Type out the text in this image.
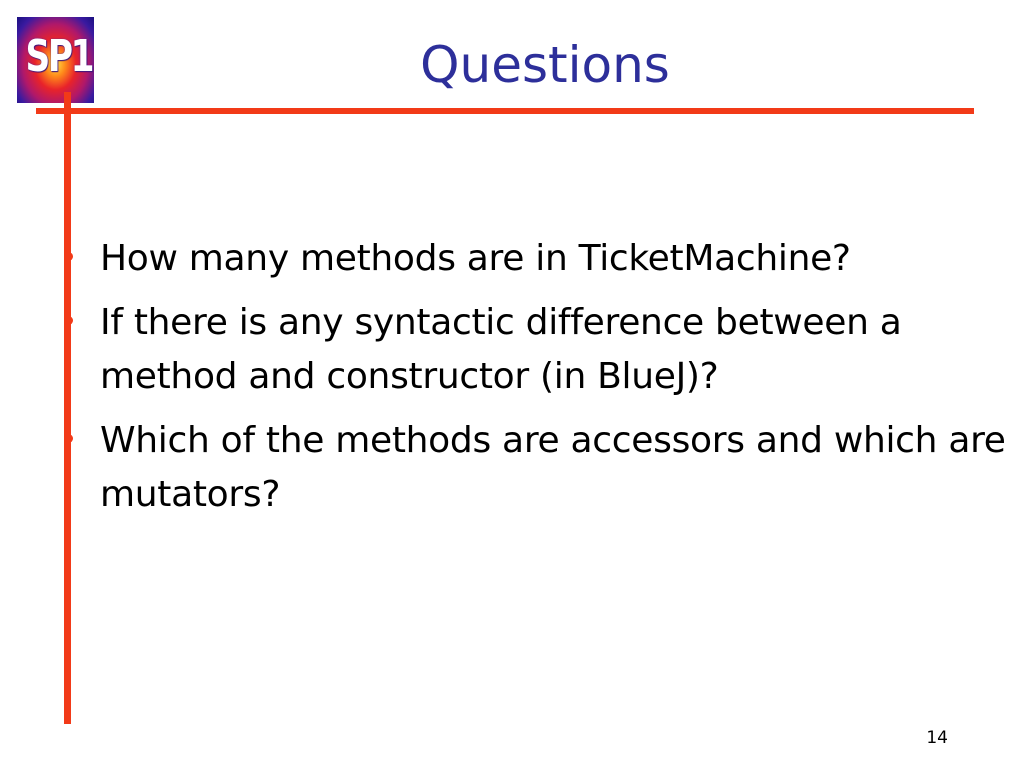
SP1	Questions
How many methods are in TicketMachine?
If there is any syntactic difference between a method and constructor (in BlueJ)?
Which of the methods are accessors and which are mutators?
14
